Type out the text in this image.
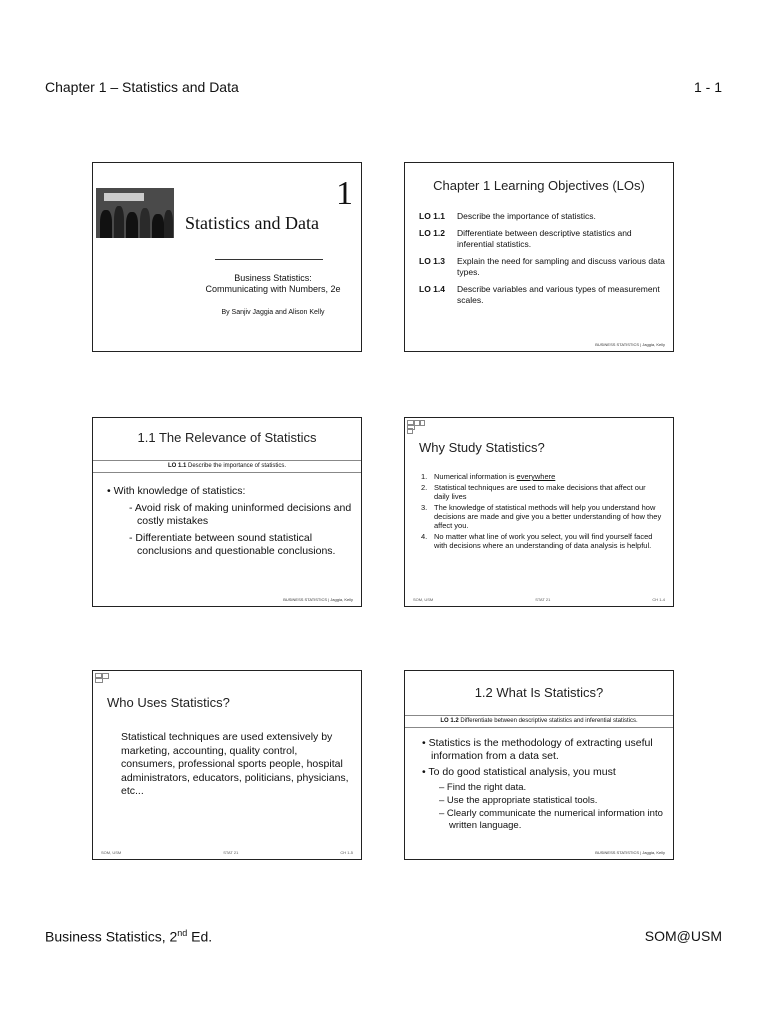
Chapter 1 – Statistics and Data	1 - 1
1
Statistics and Data
Business Statistics:
Communicating with Numbers, 2e
By Sanjiv Jaggia and Alison Kelly
Chapter 1 Learning Objectives (LOs)
LO 1.1	Describe the importance of statistics.
LO 1.2	Differentiate between descriptive statistics and inferential statistics.
LO 1.3	Explain the need for sampling and discuss various data types.
LO 1.4	Describe variables and various types of measurement scales.
BUSINESS STATISTICS | Jaggia, Kelly
1.1 The Relevance of Statistics
LO 1.1 Describe the importance of statistics.
• With knowledge of statistics:
- Avoid risk of making uninformed decisions and costly mistakes
- Differentiate between sound statistical conclusions and questionable conclusions.
BUSINESS STATISTICS | Jaggia, Kelly
Why Study Statistics?
1. Numerical information is everywhere
2. Statistical techniques are used to make decisions that affect our daily lives
3. The knowledge of statistical methods will help you understand how decisions are made and give you a better understanding of how they affect you.
4. No matter what line of work you select, you will find yourself faced with decisions where an understanding of data analysis is helpful.
SOM, USM	STAT 21	CH 1-4
Who Uses Statistics?
Statistical techniques are used extensively by marketing, accounting, quality control, consumers, professional sports people, hospital administrators, educators, politicians, physicians, etc...
SOM, USM	STAT 21	CH 1-5
1.2 What Is Statistics?
LO 1.2 Differentiate between descriptive statistics and inferential statistics.
• Statistics is the methodology of extracting useful information from a data set.
• To do good statistical analysis, you must
– Find the right data.
– Use the appropriate statistical tools.
– Clearly communicate the numerical information into written language.
BUSINESS STATISTICS | Jaggia, Kelly
Business Statistics, 2nd Ed.	SOM@USM
